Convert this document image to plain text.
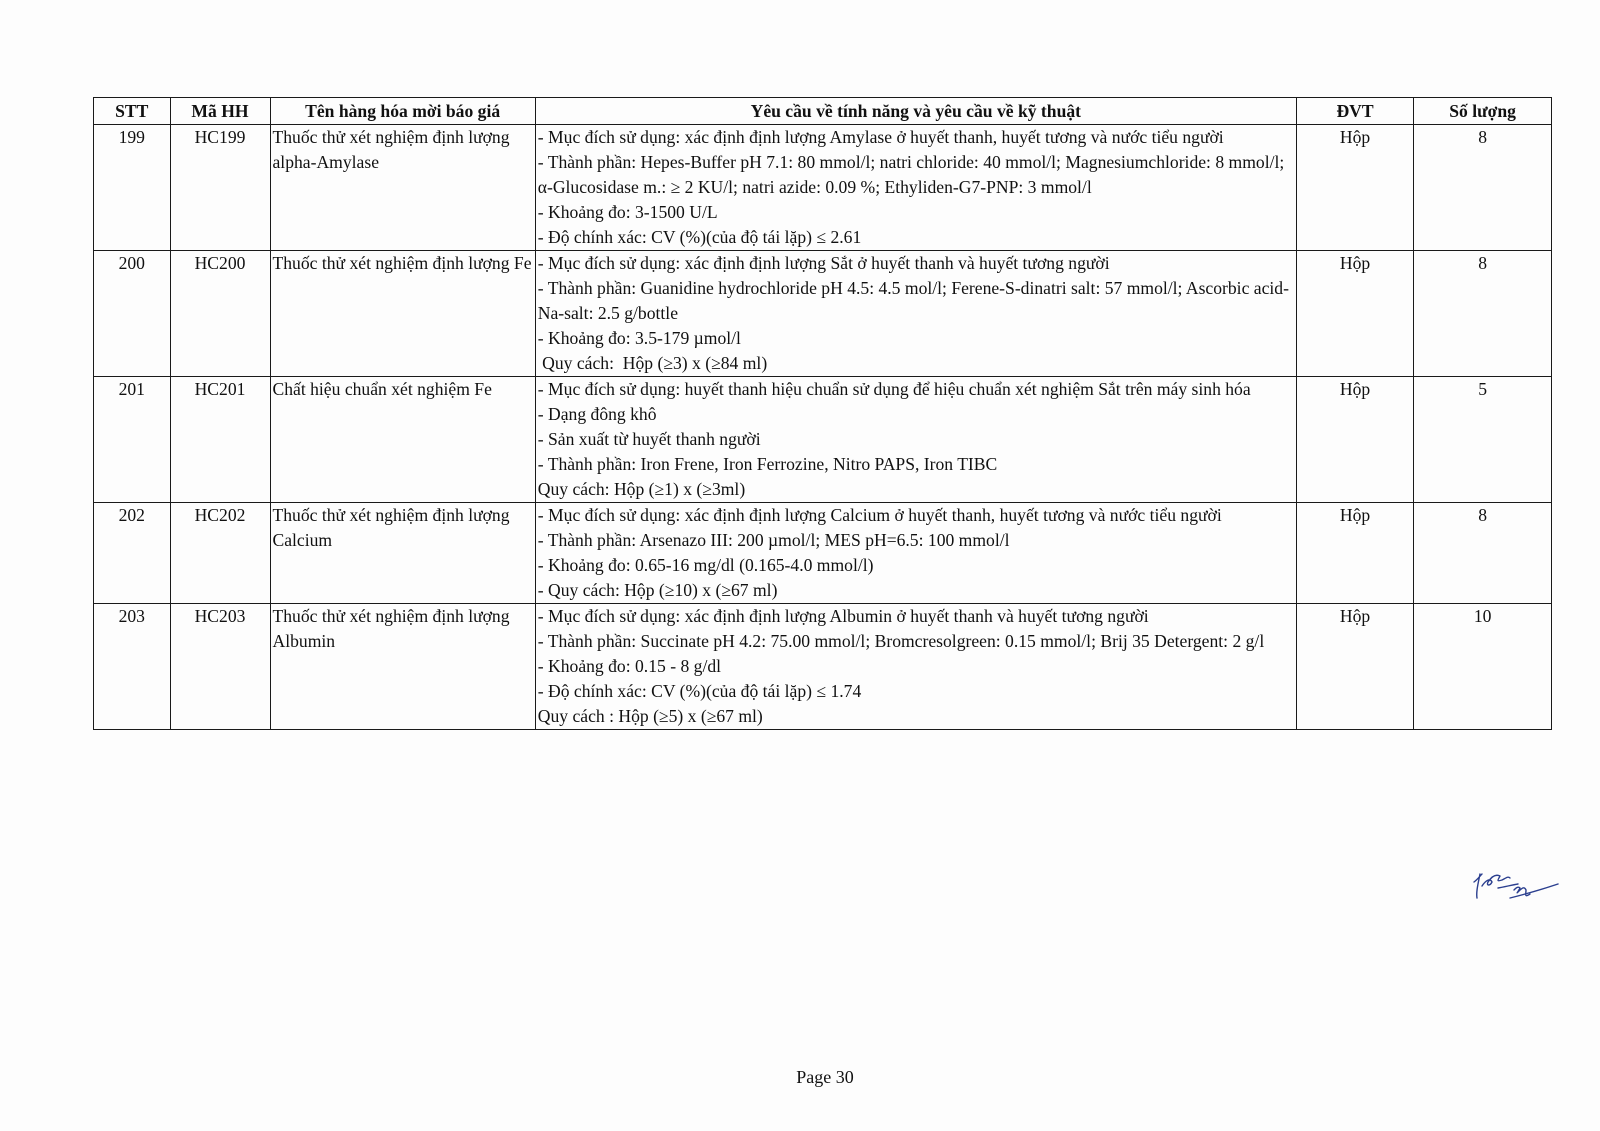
STT	Mã HH	Tên hàng hóa mời báo giá	Yêu cầu về tính năng và yêu cầu về kỹ thuật	ĐVT	Số lượng
199	HC199	Thuốc thử xét nghiệm định lượng alpha-Amylase	- Mục đích sử dụng: xác định định lượng Amylase ở huyết thanh, huyết tương và nước tiểu người
- Thành phần: Hepes-Buffer pH 7.1: 80 mmol/l; natri chloride: 40 mmol/l; Magnesiumchloride: 8 mmol/l; α-Glucosidase m.: ≥ 2 KU/l; natri azide: 0.09 %; Ethyliden-G7-PNP: 3 mmol/l
- Khoảng đo: 3-1500 U/L
- Độ chính xác: CV (%)(của độ tái lặp) ≤ 2.61	Hộp	8
200	HC200	Thuốc thử xét nghiệm định lượng Fe	- Mục đích sử dụng: xác định định lượng Sắt ở huyết thanh và huyết tương người
- Thành phần: Guanidine hydrochloride pH 4.5: 4.5 mol/l; Ferene-S-dinatri salt: 57 mmol/l; Ascorbic acid-Na-salt: 2.5 g/bottle
- Khoảng đo: 3.5-179 µmol/l
Quy cách:  Hộp (≥3) x (≥84 ml)	Hộp	8
201	HC201	Chất hiệu chuẩn xét nghiệm Fe	- Mục đích sử dụng: huyết thanh hiệu chuẩn sử dụng để hiệu chuẩn xét nghiệm Sắt trên máy sinh hóa
- Dạng đông khô
- Sản xuất từ huyết thanh người
- Thành phần: Iron Frene, Iron Ferrozine, Nitro PAPS, Iron TIBC
Quy cách: Hộp (≥1) x (≥3ml)	Hộp	5
202	HC202	Thuốc thử xét nghiệm định lượng Calcium	- Mục đích sử dụng: xác định định lượng Calcium ở huyết thanh, huyết tương và nước tiểu người
- Thành phần: Arsenazo III: 200 µmol/l; MES pH=6.5: 100 mmol/l
- Khoảng đo: 0.65-16 mg/dl (0.165-4.0 mmol/l)
- Quy cách: Hộp (≥10) x (≥67 ml)	Hộp	8
203	HC203	Thuốc thử xét nghiệm định lượng Albumin	- Mục đích sử dụng: xác định định lượng Albumin ở huyết thanh và huyết tương người
- Thành phần: Succinate pH 4.2: 75.00 mmol/l; Bromcresolgreen: 0.15 mmol/l; Brij 35 Detergent: 2 g/l
- Khoảng đo: 0.15 - 8 g/dl
- Độ chính xác: CV (%)(của độ tái lặp) ≤ 1.74
Quy cách : Hộp (≥5) x (≥67 ml)	Hộp	10
Page 30
